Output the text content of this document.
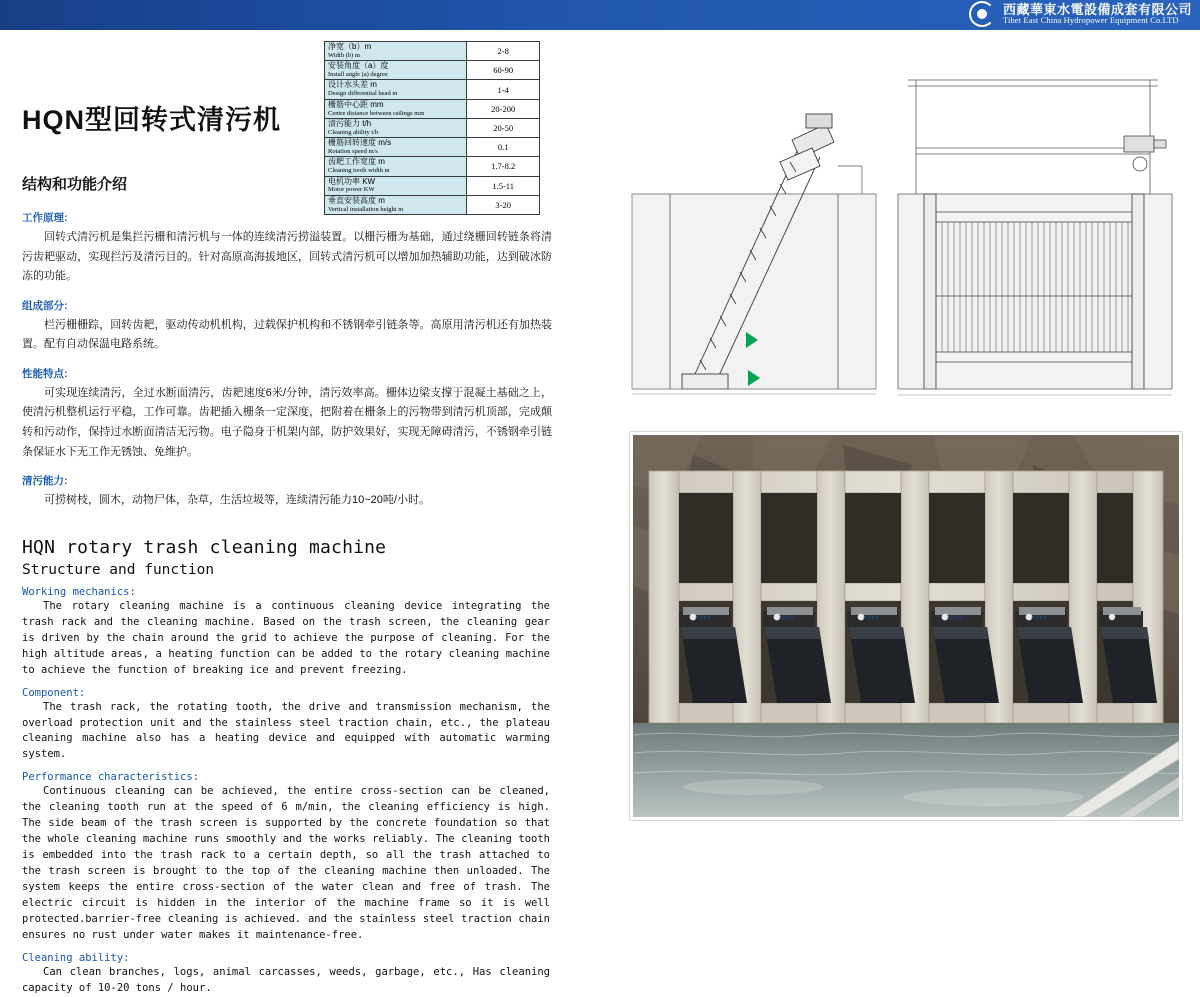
西藏華東水電設備成套有限公司
Tibet East China Hydropower Equipment Co.LTD
HQN型回转式清污机
结构和功能介绍
工作原理:
回转式清污机是集拦污栅和清污机与一体的连续清污捞溢装置。以栅污栅为基础，通过绕栅回转链条将清污齿耙驱动，实现拦污及清污目的。针对高原高海拔地区，回转式清污机可以增加加热辅助功能，达到破冰防冻的功能。
组成部分:
栏污栅栅踪，回转齿耙，驱动传动机机构，过载保护机构和不锈钢牵引链条等。高原用清污机还有加热装置。配有自动保温电路系统。
性能特点:
可实现连续清污，全过水断面清污，齿耙速度6米/分钟，清污效率高。栅体边梁支撑于混凝土基础之上，使清污机整机运行平稳，工作可靠。齿耙插入栅条一定深度，把附着在栅条上的污物带到清污机顶部，完成颠转和污动作，保持过水断面清洁无污物。电子隐身于机架内部，防护效果好，实现无障碍清污，不锈钢牵引链条保证水下无工作无锈蚀、免维护。
清污能力:
可捞树枝，圆木，动物尸体，杂草，生活垃圾等，连续清污能力10~20吨/小时。
HQN rotary trash cleaning machine
Structure and function
Working mechanics:
The rotary cleaning machine is a continuous cleaning device integrating the trash rack and the cleaning machine. Based on the trash screen, the cleaning gear is driven by the chain around the grid to achieve the purpose of cleaning. For the high altitude areas, a heating function can be added to the rotary cleaning machine to achieve the function of breaking ice and prevent freezing.
Component:
The trash rack, the rotating tooth, the drive and transmission mechanism, the overload protection unit and the stainless steel traction chain, etc., the plateau cleaning machine also has a heating device and equipped with automatic warming system.
Performance characteristics:
Continuous cleaning can be achieved, the entire cross-section can be cleaned, the cleaning tooth run at the speed of 6 m/min, the cleaning efficiency is high. The side beam of the trash screen is supported by the concrete foundation so that the whole cleaning machine runs smoothly and the works reliably. The cleaning tooth is embedded into the trash rack to a certain depth, so all the trash attached to the trash screen is brought to the top of the cleaning machine then unloaded. The system keeps the entire cross-section of the water clean and free of trash. The electric circuit is hidden in the interior of the machine frame so it is well protected.barrier-free cleaning is achieved. and the stainless steel traction chain ensures no rust under water makes it maintenance-free.
Cleaning ability:
Can clean branches, logs, animal carcasses, weeds, garbage, etc., Has cleaning capacity of 10-20 tons / hour.
净宽（b）m
Width (b) m	2-8

安装角度（a）度
Install angle (a) degree	60-90

设计水头差 m
Design differential head m	1-4

栅筋中心距 mm
Centre distance between railings mm	20-200

清污能力 t/h
Cleaning ability t/h	20-50

栅筋回转速度 m/s
Rotation speed m/s	0.1

齿耙工作宽度 m
Cleaning tooth width m	1.7-8.2

电机功率 KW
Motor power KW	1.5-11

垂直安装高度 m
Vertical installation height m	3-20
西藏華東	西藏華東	西藏華東	西藏華東	西藏華東
